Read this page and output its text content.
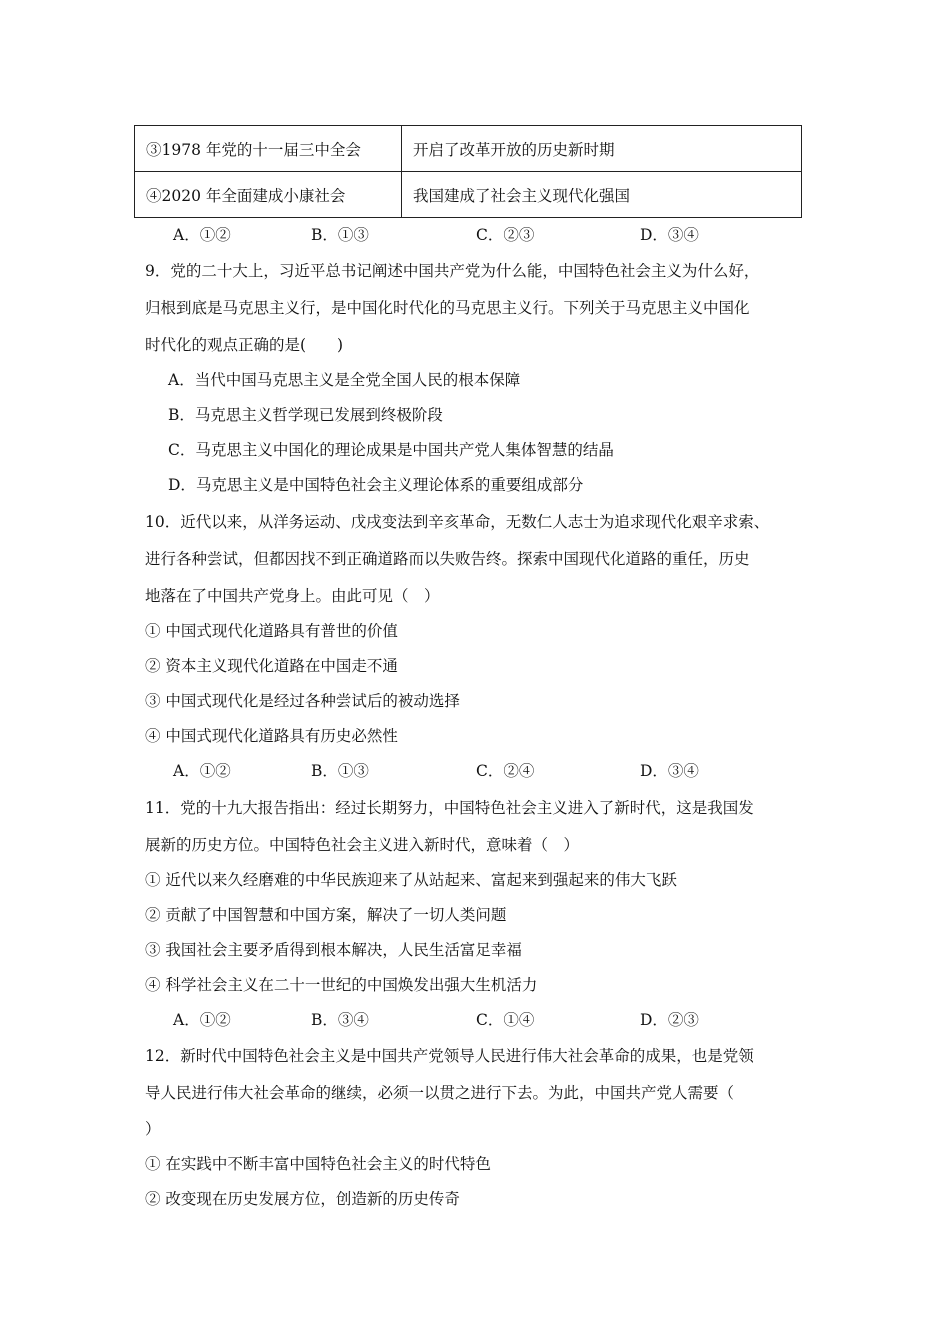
③1978 年党的十一届三中全会	开启了改革开放的历史新时期
④2020 年全面建成小康社会	我国建成了社会主义现代化强国
A．①②	B．①③	C．②③	D．③④
9．党的二十大上，习近平总书记阐述中国共产党为什么能，中国特色社会主义为什么好，
归根到底是马克思主义行，是中国化时代化的马克思主义行。下列关于马克思主义中国化
时代化的观点正确的是(　　)
A．当代中国马克思主义是全党全国人民的根本保障
B．马克思主义哲学现已发展到终极阶段
C．马克思主义中国化的理论成果是中国共产党人集体智慧的结晶
D．马克思主义是中国特色社会主义理论体系的重要组成部分
10．近代以来，从洋务运动、戊戌变法到辛亥革命，无数仁人志士为追求现代化艰辛求索、
进行各种尝试，但都因找不到正确道路而以失败告终。探索中国现代化道路的重任，历史
地落在了中国共产党身上。由此可见（　）
① 中国式现代化道路具有普世的价值
② 资本主义现代化道路在中国走不通
③ 中国式现代化是经过各种尝试后的被动选择
④ 中国式现代化道路具有历史必然性
A．①②	B．①③	C．②④	D．③④
11．党的十九大报告指出：经过长期努力，中国特色社会主义进入了新时代，这是我国发
展新的历史方位。中国特色社会主义进入新时代，意味着（　）
① 近代以来久经磨难的中华民族迎来了从站起来、富起来到强起来的伟大飞跃
② 贡献了中国智慧和中国方案，解决了一切人类问题
③ 我国社会主要矛盾得到根本解决，人民生活富足幸福
④ 科学社会主义在二十一世纪的中国焕发出强大生机活力
A．①②	B．③④	C．①④	D．②③
12．新时代中国特色社会主义是中国共产党领导人民进行伟大社会革命的成果，也是党领
导人民进行伟大社会革命的继续，必须一以贯之进行下去。为此，中国共产党人需要（
）
① 在实践中不断丰富中国特色社会主义的时代特色
② 改变现在历史发展方位，创造新的历史传奇
